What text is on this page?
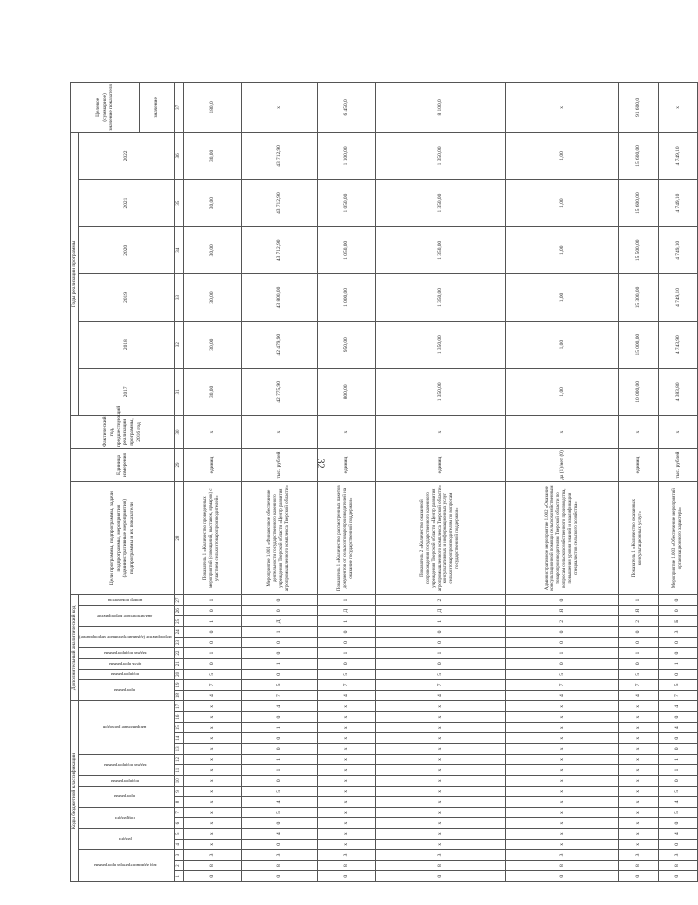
32
Коды бюджетной классификации																	Дополнительный аналитический код										Цели программы, подпрограммы, задачи подпрограммы, мероприятия (административные мероприятия) подпрограммы и их показатели	Единица измерения	Фактический год, предшествующий реализации программы, 2016 год	Годы реализации программы						Целевое (суммарное) значение показателя
код администратора программы			раздел		подраздел		программа		подпрограмма	задача подпрограммы		направление расходов					программа		подпрограмма	цель программы	задача подпрограммы	мероприятие (административное мероприятие)		аналитическое мероприятие		номер показателя				2017	2018	2019	2020	2021	2022	
																																				значение
1	2	3	4	5	6	7	8	9	10	11	12	13	14	15	16	17	18	19	20	21	22	23	24	25	26	27	28	29	30	31	32	33	34	35	36	37
0	8	3	x	x	x	x	x	x	x	x	x	x	x	x	x	x	4	7	5	0	1	0	0	1	0	1	Показатель 1 «Количество проведенных мероприятий (совещаний, выставок, ярмарок) с участием сельхозтоваропроизводителей»	единиц	x	30,00	30,00	30,00	30,00	30,00	30,00	180,0
0	8	3	0	4	0	5	4	5	0	1	1	0	0	1	0	4	7	5	0	1	0	0	1	Д	0	0	Мероприятие 1.001 «Финансовое обеспечение деятельности государственного казенного учреждения Тверской области «Центр развития агропромышленного комплекса Тверской области»	тыс. рублей	x	42 775,90	42 479,90	43 800,00	43 712,90	43 712,90	43 712,90	x
0	8	3	x	x	x	x	x	x	x	x	x	x	x	x	x	x	4	7	5	0	1	0	0	1	Д	1	Показатель 1 «Количество рассмотренных пакетов документов от сельхозтоваропроизводителей на оказание государственной поддержки»	единиц	x	800,00	950,00	1 000,00	1 050,00	1 050,00	1 100,00	6 450,0
0	8	3	x	x	x	x	x	x	x	x	x	x	x	x	x	x	4	7	5	0	1	0	0	1	Д	2	Показатель 2 «Количество оказанной сопровождения государственного казенного учреждения Тверской области «Центр развития агропромышленного комплекса Тверской области» консультативных и информационных услуг сельхозтоваропроизводителям по вопросам государственной поддержки»	единиц	x	1 350,00	1 350,00	1 350,00	1 350,00	1 350,00	1 350,00	8 100,0
0	8	3	x	x	x	x	x	x	x	x	x	x	x	x	x	x	4	7	5	0	1	0	0	2	Я	0	Административное мероприятие 1.002 «Оказание консультационной помощи сельскохозяйственным товаропроизводителям Тверской области по вопросам сельскохозяйственного производства, повышения уровня знаний и квалификации специалистов сельского хозяйства»	да (1)/нет (0)	x	1,00	1,00	1,00	1,00	1,00	1,00	x
0	8	3	x	x	x	x	x	x	x	x	x	x	x	x	x	x	4	7	5	0	1	0	0	2	Я	1	Показатель 1 «Количество оказанных консультационных услуг»	единиц	x	10 000,00	15 000,00	15 300,00	15 500,00	15 600,00	15 600,00	91 600,0
0	8	3	0	4	0	5	4	5	0	1	1	0	0	4	0	4	7	5	0	1	0	0	3	Б	0	0	Мероприятие 1.003 «Обеспечение мероприятий организационного характера»	тыс. рублей	x	4 383,80	4 743,90	4 749,10	4 749,10	4 749,10	4 749,10	x
